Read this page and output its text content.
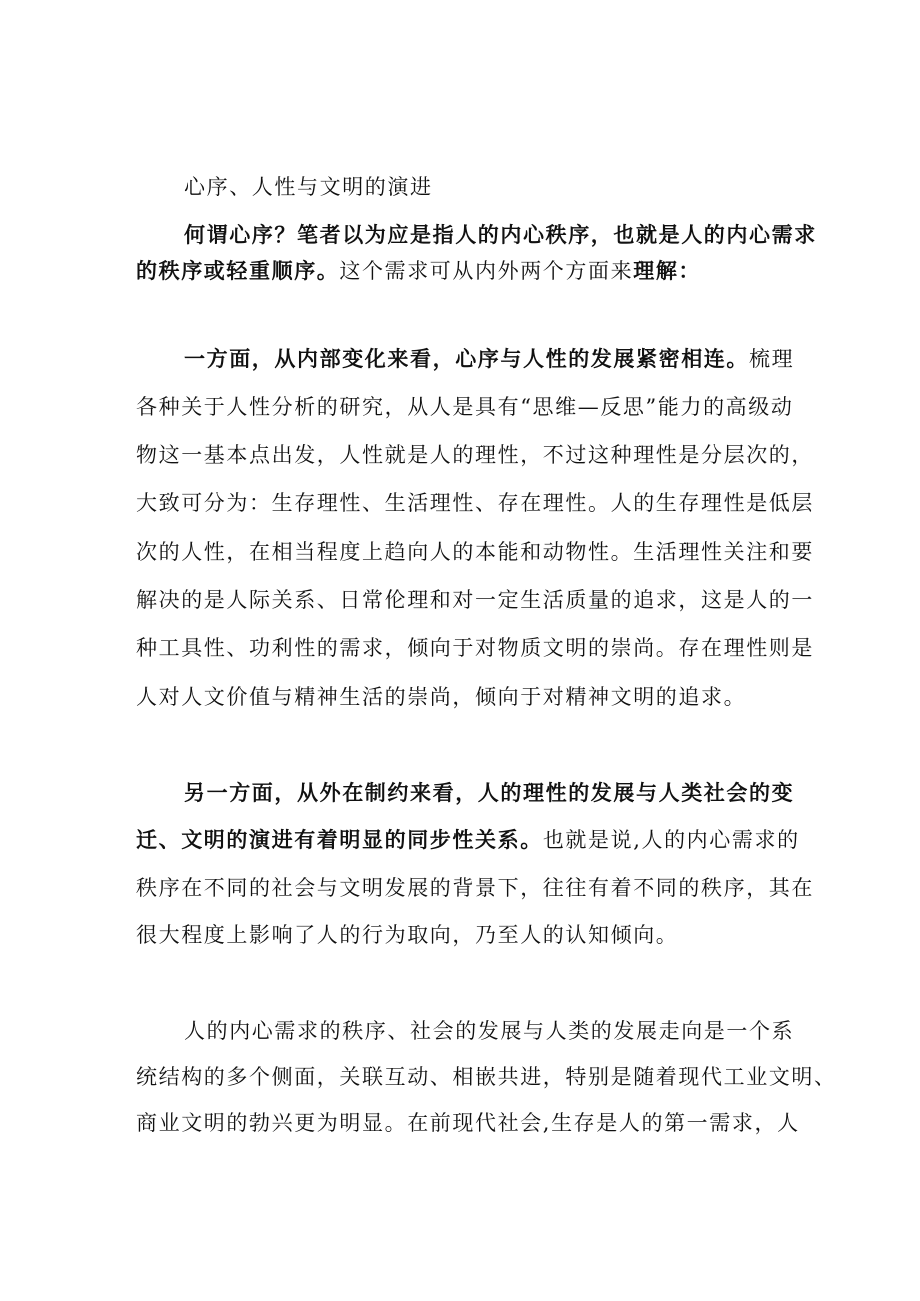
心序、人性与文明的演进
何谓心序？笔者以为应是指人的内心秩序，也就是人的内心需求
的秩序或轻重顺序。这个需求可从内外两个方面来理解：
一方面，从内部变化来看，心序与人性的发展紧密相连。梳理
各种关于人性分析的研究，从人是具有“思维—反思”能力的高级动
物这一基本点出发，人性就是人的理性，不过这种理性是分层次的，
大致可分为：生存理性、生活理性、存在理性。人的生存理性是低层
次的人性，在相当程度上趋向人的本能和动物性。生活理性关注和要
解决的是人际关系、日常伦理和对一定生活质量的追求，这是人的一
种工具性、功利性的需求，倾向于对物质文明的崇尚。存在理性则是
人对人文价值与精神生活的崇尚，倾向于对精神文明的追求。
另一方面，从外在制约来看，人的理性的发展与人类社会的变
迁、文明的演进有着明显的同步性关系。也就是说,人的内心需求的
秩序在不同的社会与文明发展的背景下，往往有着不同的秩序，其在
很大程度上影响了人的行为取向，乃至人的认知倾向。
人的内心需求的秩序、社会的发展与人类的发展走向是一个系
统结构的多个侧面，关联互动、相嵌共进，特别是随着现代工业文明、
商业文明的勃兴更为明显。在前现代社会,生存是人的第一需求，人
